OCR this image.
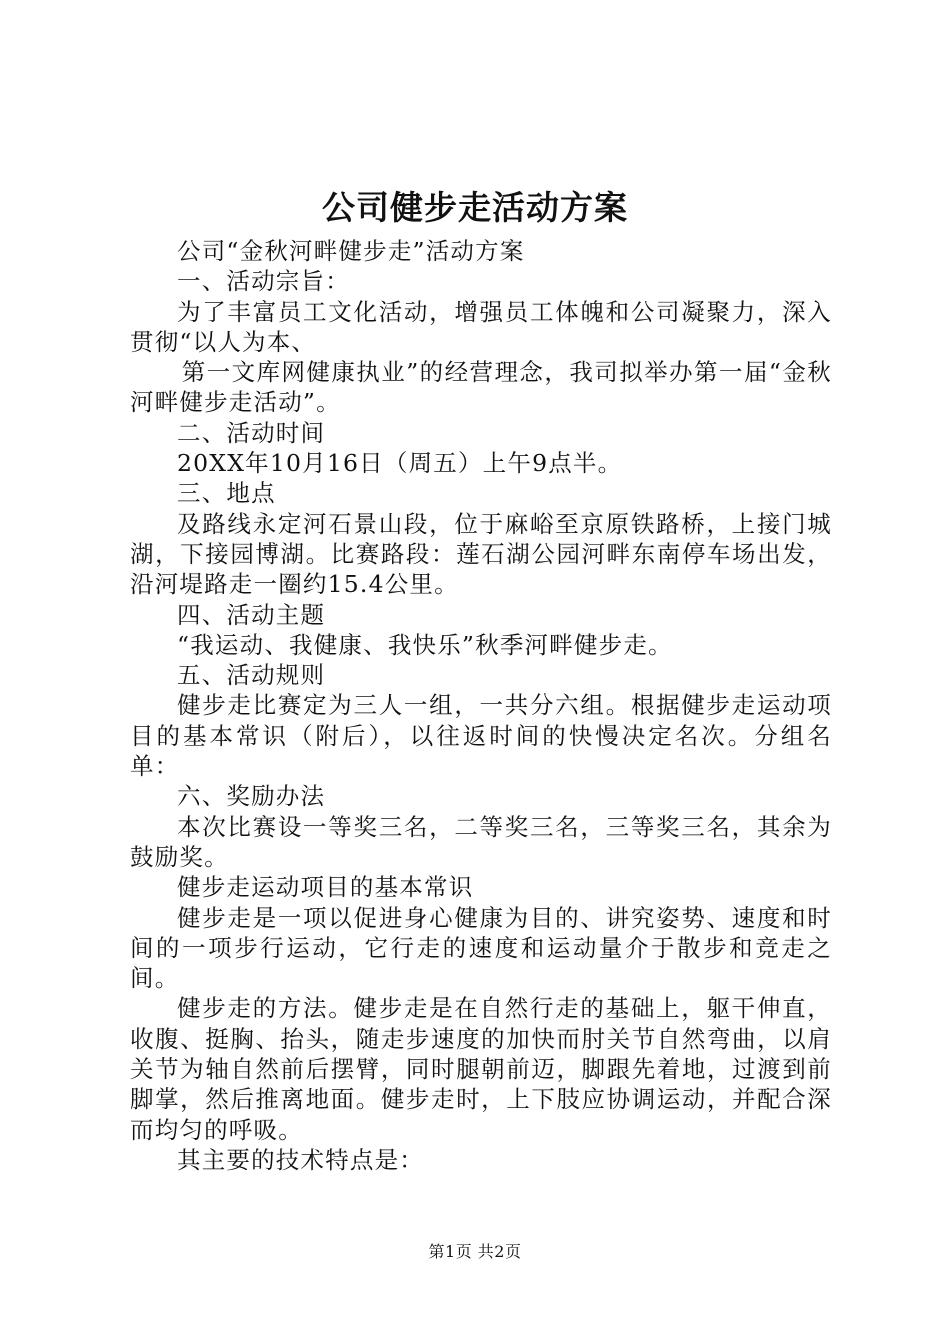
公司健步走活动方案

公司“金秋河畔健步走”活动方案

一、活动宗旨：

为了丰富员工文化活动，增强员工体魄和公司凝聚力，深入贯彻“以人为本、

第一文库网健康执业”的经营理念，我司拟举办第一届“金秋河畔健步走活动”。

二、活动时间

20XX年10月16日（周五）上午9点半。

三、地点

及路线永定河石景山段，位于麻峪至京原铁路桥，上接门城湖，下接园博湖。比赛路段：莲石湖公园河畔东南停车场出发，沿河堤路走一圈约15.4公里。

四、活动主题

“我运动、我健康、我快乐”秋季河畔健步走。

五、活动规则

健步走比赛定为三人一组，一共分六组。根据健步走运动项目的基本常识（附后），以往返时间的快慢决定名次。分组名单：

六、奖励办法

本次比赛设一等奖三名，二等奖三名，三等奖三名，其余为鼓励奖。

健步走运动项目的基本常识

健步走是一项以促进身心健康为目的、讲究姿势、速度和时间的一项步行运动，它行走的速度和运动量介于散步和竞走之间。

健步走的方法。健步走是在自然行走的基础上，躯干伸直，收腹、挺胸、抬头，随走步速度的加快而肘关节自然弯曲，以肩关节为轴自然前后摆臂，同时腿朝前迈，脚跟先着地，过渡到前脚掌，然后推离地面。健步走时，上下肢应协调运动，并配合深而均匀的呼吸。

其主要的技术特点是：

第1页 共2页
